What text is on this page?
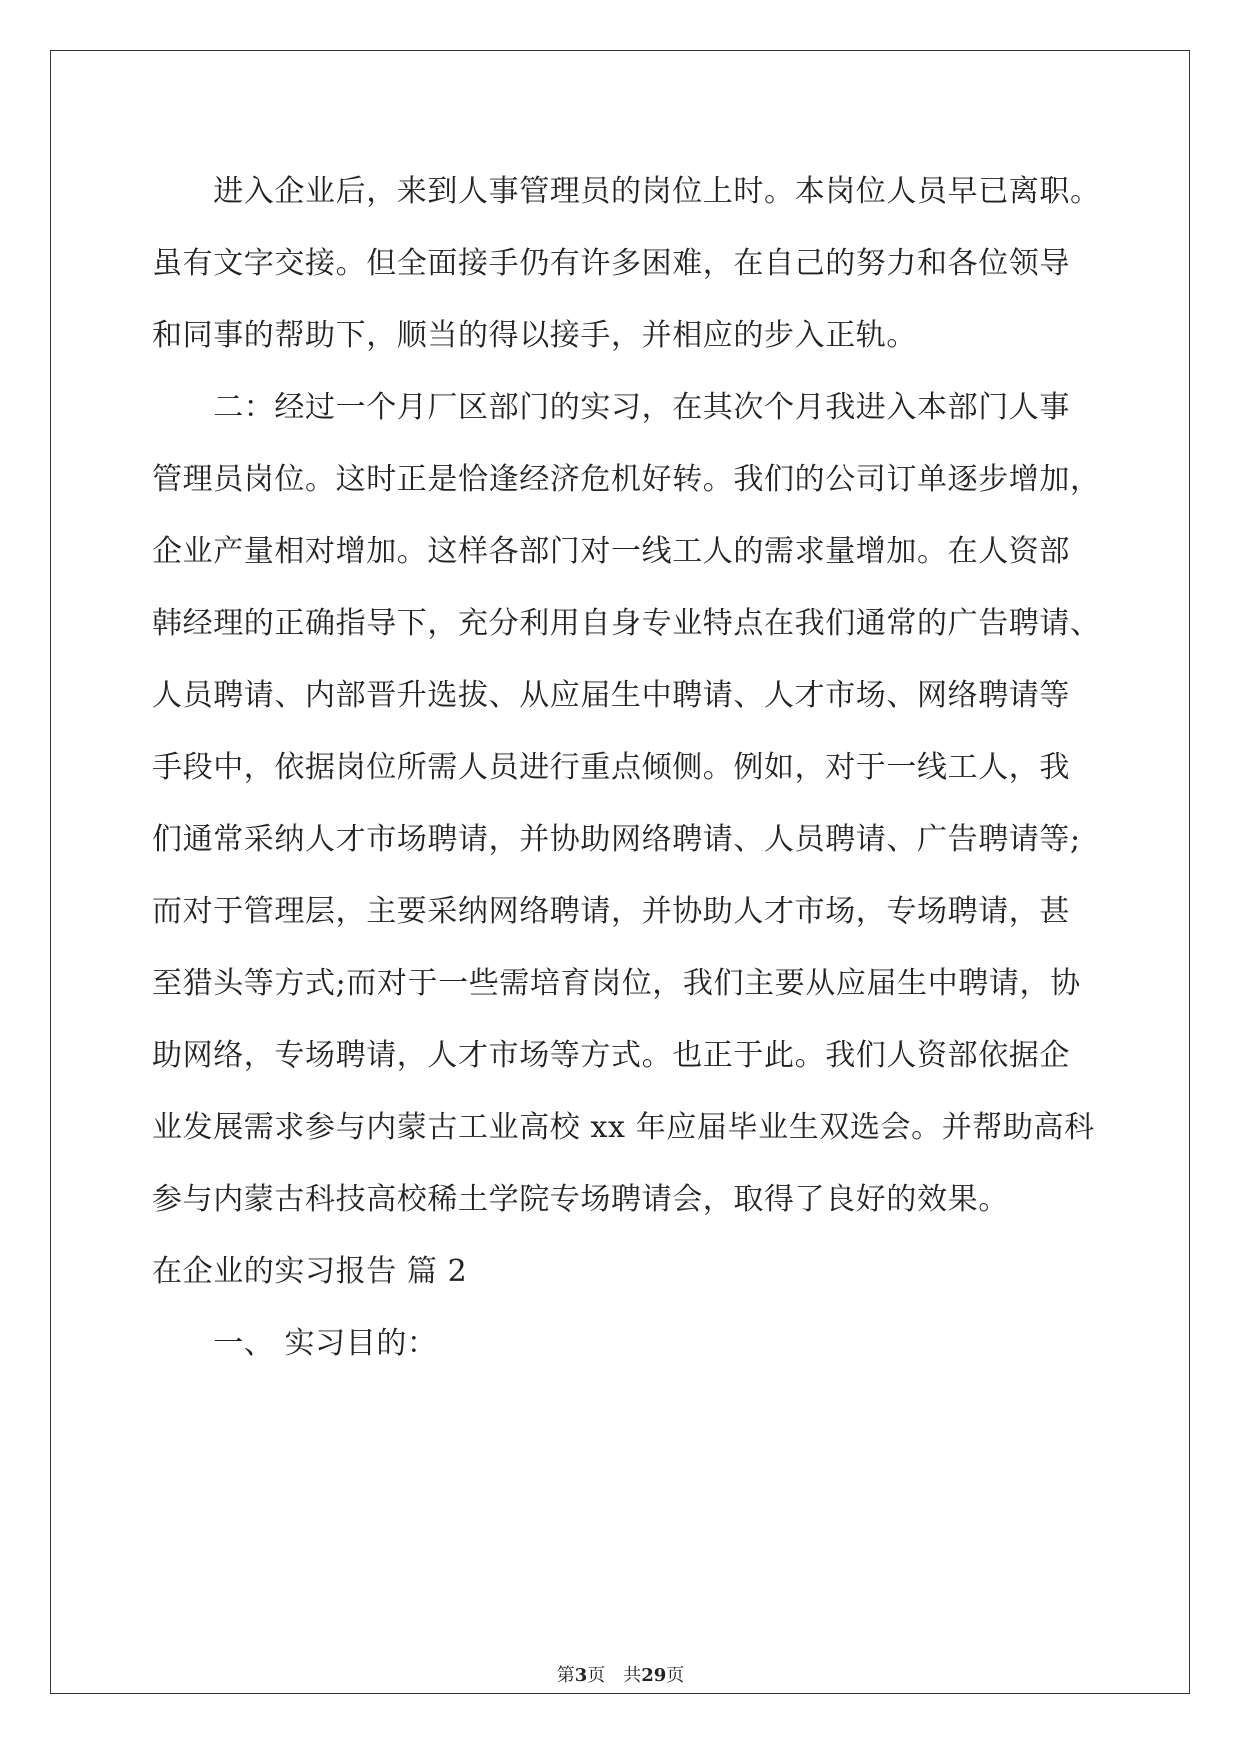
　　进入企业后，来到人事管理员的岗位上时。本岗位人员早已离职。

虽有文字交接。但全面接手仍有许多困难，在自己的努力和各位领导

和同事的帮助下，顺当的得以接手，并相应的步入正轨。

　　二：经过一个月厂区部门的实习，在其次个月我进入本部门人事

管理员岗位。这时正是恰逢经济危机好转。我们的公司订单逐步增加，

企业产量相对增加。这样各部门对一线工人的需求量增加。在人资部

韩经理的正确指导下，充分利用自身专业特点在我们通常的广告聘请、

人员聘请、内部晋升选拔、从应届生中聘请、人才市场、网络聘请等

手段中，依据岗位所需人员进行重点倾侧。例如，对于一线工人，我

们通常采纳人才市场聘请，并协助网络聘请、人员聘请、广告聘请等;

而对于管理层，主要采纳网络聘请，并协助人才市场，专场聘请，甚

至猎头等方式;而对于一些需培育岗位，我们主要从应届生中聘请，协

助网络，专场聘请，人才市场等方式。也正于此。我们人资部依据企

业发展需求参与内蒙古工业高校 xx 年应届毕业生双选会。并帮助高科

参与内蒙古科技高校稀土学院专场聘请会，取得了良好的效果。

在企业的实习报告 篇 2

　　一、 实习目的：

第3页　共29页
